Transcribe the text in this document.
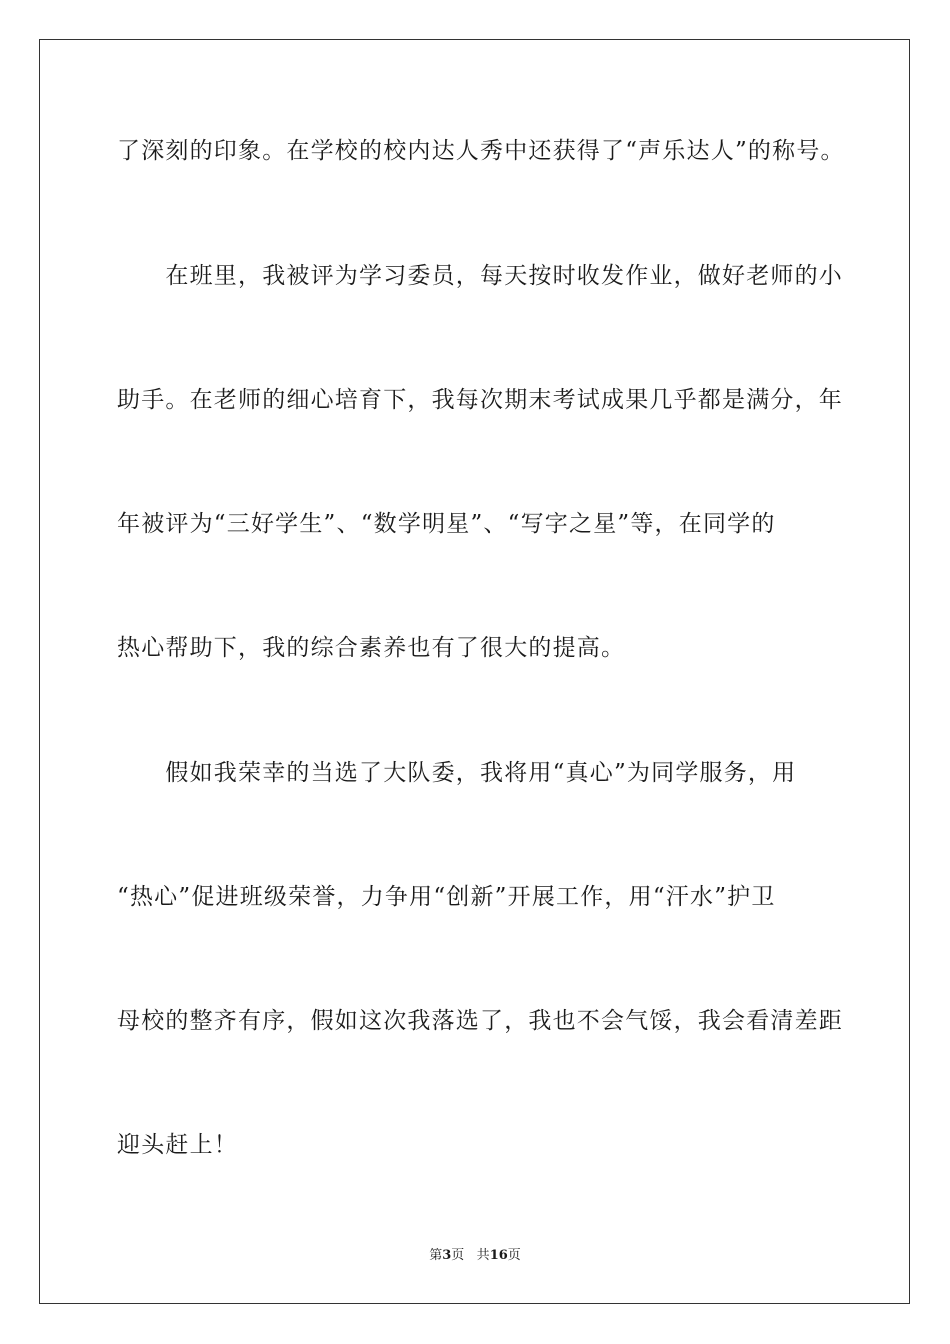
了深刻的印象。在学校的校内达人秀中还获得了“声乐达人”的称号。
　　在班里，我被评为学习委员，每天按时收发作业，做好老师的小
助手。在老师的细心培育下，我每次期末考试成果几乎都是满分，年
年被评为“三好学生”、“数学明星”、“写字之星”等，在同学的
热心帮助下，我的综合素养也有了很大的提高。
　　假如我荣幸的当选了大队委，我将用“真心”为同学服务，用
“热心”促进班级荣誉，力争用“创新”开展工作，用“汗水”护卫
母校的整齐有序，假如这次我落选了，我也不会气馁，我会看清差距
迎头赶上！
第3页 共16页
